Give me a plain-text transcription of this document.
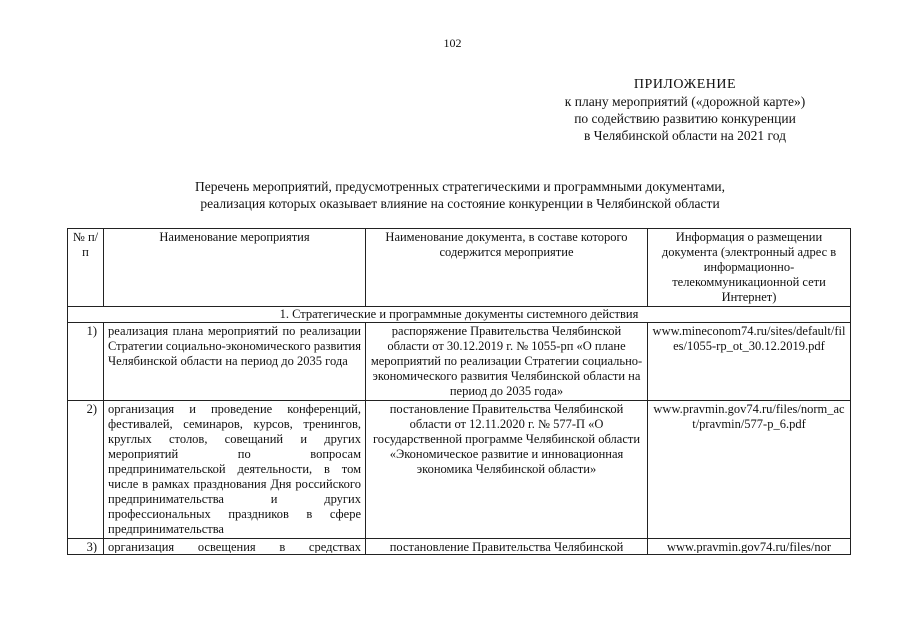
102
ПРИЛОЖЕНИЕ
к плану мероприятий («дорожной карте»)
по содействию развитию конкуренции
в Челябинской области на 2021 год
Перечень мероприятий, предусмотренных стратегическими и программными документами,
реализация которых оказывает влияние на состояние конкуренции в Челябинской области
№ п/п	Наименование мероприятия	Наименование документа, в составе которого содержится мероприятие	Информация о размещении документа (электронный адрес в информационно-телекоммуникационной сети Интернет)
1. Стратегические и программные документы системного действия			
1)	реализация плана мероприятий по реализации Стратегии социально-экономического развития Челябинской области на период до 2035 года	распоряжение Правительства Челябинской области от 30.12.2019 г. № 1055-рп «О плане мероприятий по реализации Стратегии социально-экономического развития Челябинской области на период до 2035 года»	www.mineconom74.ru/sites/default/files/1055-rp_ot_30.12.2019.pdf
2)	организация и проведение конференций, фестивалей, семинаров, курсов, тренингов, круглых столов, совещаний и других мероприятий по вопросам предпринимательской деятельности, в том числе в рамках празднования Дня российского предпринимательства и других профессиональных праздников в сфере предпринимательства	постановление Правительства Челябинской области от 12.11.2020 г. № 577-П «О государственной программе Челябинской области «Экономическое развитие и инновационная экономика Челябинской области»	www.pravmin.gov74.ru/files/norm_act/pravmin/577-p_6.pdf

3)	организация освещения в средствах	постановление Правительства Челябинской	www.pravmin.gov74.ru/files/nor
